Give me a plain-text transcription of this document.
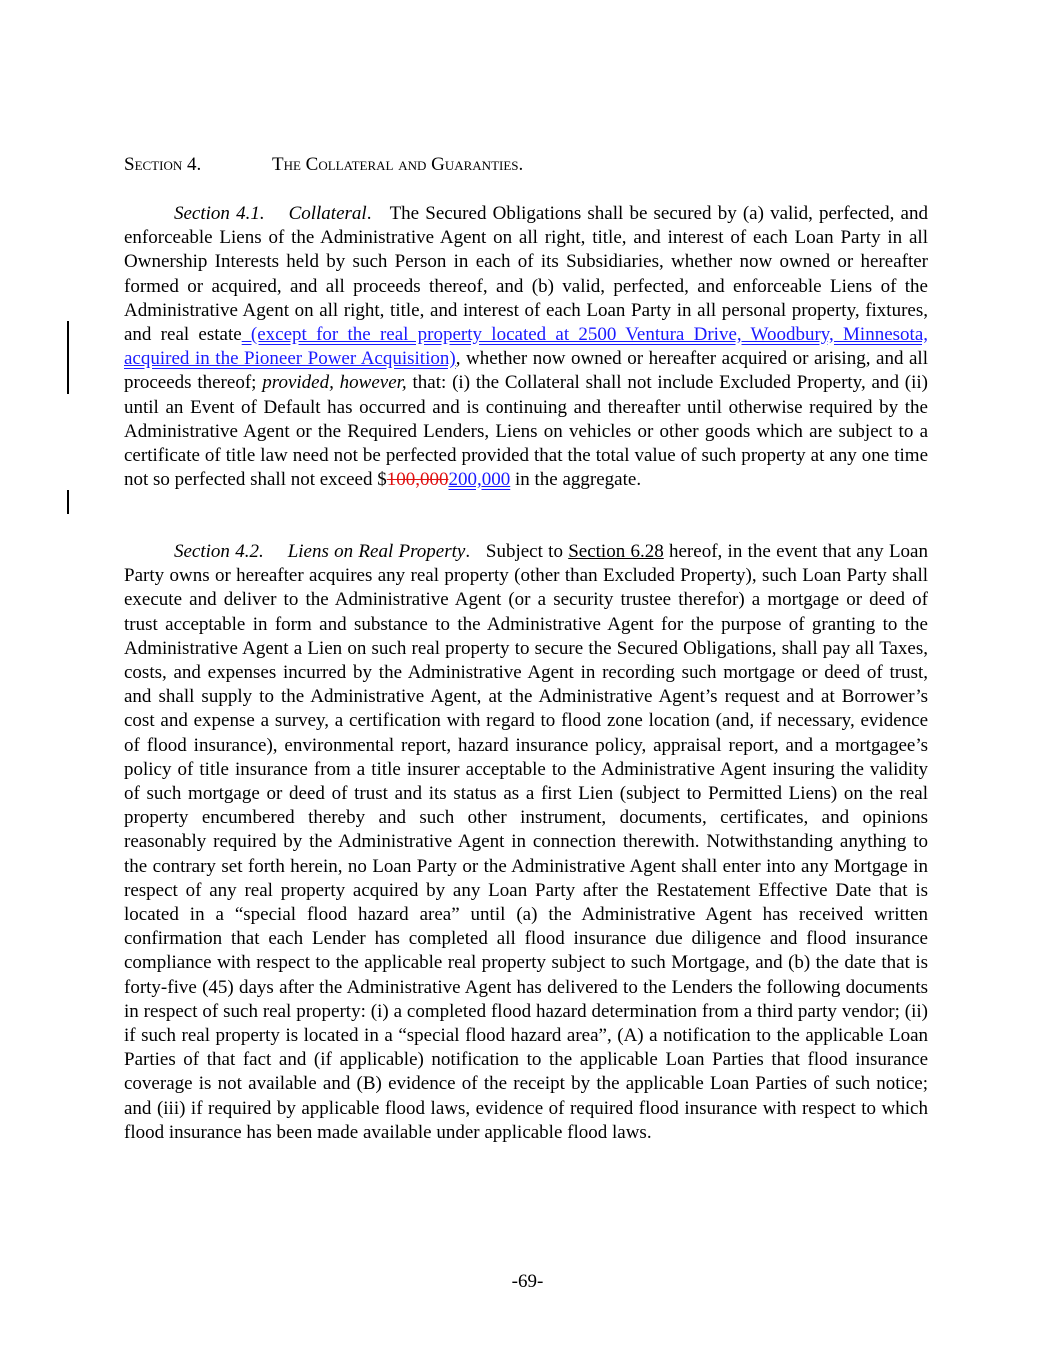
Section 4.	The Collateral and Guaranties.

Section 4.1. Collateral.   The Secured Obligations shall be secured by (a) valid, perfected, and enforceable Liens of the Administrative Agent on all right, title, and interest of each Loan Party in all Ownership Interests held by such Person in each of its Subsidiaries, whether now owned or hereafter formed or acquired, and all proceeds thereof, and (b) valid, perfected, and enforceable Liens of the Administrative Agent on all right, title, and interest of each Loan Party in all personal property, fixtures, and real estate (except for the real property located at 2500 Ventura Drive, Woodbury, Minnesota, acquired in the Pioneer Power Acquisition), whether now owned or hereafter acquired or arising, and all proceeds thereof; provided, however, that: (i) the Collateral shall not include Excluded Property, and (ii) until an Event of Default has occurred and is continuing and thereafter until otherwise required by the Administrative Agent or the Required Lenders, Liens on vehicles or other goods which are subject to a certificate of title law need not be perfected provided that the total value of such property at any one time not so perfected shall not exceed $100,000200,000 in the aggregate.

Section 4.2. Liens on Real Property.   Subject to Section 6.28 hereof, in the event that any Loan Party owns or hereafter acquires any real property (other than Excluded Property), such Loan Party shall execute and deliver to the Administrative Agent (or a security trustee therefor) a mortgage or deed of trust acceptable in form and substance to the Administrative Agent for the purpose of granting to the Administrative Agent a Lien on such real property to secure the Secured Obligations, shall pay all Taxes, costs, and expenses incurred by the Administrative Agent in recording such mortgage or deed of trust, and shall supply to the Administrative Agent, at the Administrative Agent’s request and at Borrower’s cost and expense a survey, a certification with regard to flood zone location (and, if necessary, evidence of flood insurance), environmental report, hazard insurance policy, appraisal report, and a mortgagee’s policy of title insurance from a title insurer acceptable to the Administrative Agent insuring the validity of such mortgage or deed of trust and its status as a first Lien (subject to Permitted Liens) on the real property encumbered thereby and such other instrument, documents, certificates, and opinions reasonably required by the Administrative Agent in connection therewith. Notwithstanding anything to the contrary set forth herein, no Loan Party or the Administrative Agent shall enter into any Mortgage in respect of any real property acquired by any Loan Party after the Restatement Effective Date that is located in a “special flood hazard area” until (a) the Administrative Agent has received written confirmation that each Lender has completed all flood insurance due diligence and flood insurance compliance with respect to the applicable real property subject to such Mortgage, and (b) the date that is forty-five (45) days after the Administrative Agent has delivered to the Lenders the following documents in respect of such real property: (i) a completed flood hazard determination from a third party vendor; (ii) if such real property is located in a “special flood hazard area”, (A) a notification to the applicable Loan Parties of that fact and (if applicable) notification to the applicable Loan Parties that flood insurance coverage is not available and (B) evidence of the receipt by the applicable Loan Parties of such notice; and (iii) if required by applicable flood laws, evidence of required flood insurance with respect to which flood insurance has been made available under applicable flood laws.

-69-
